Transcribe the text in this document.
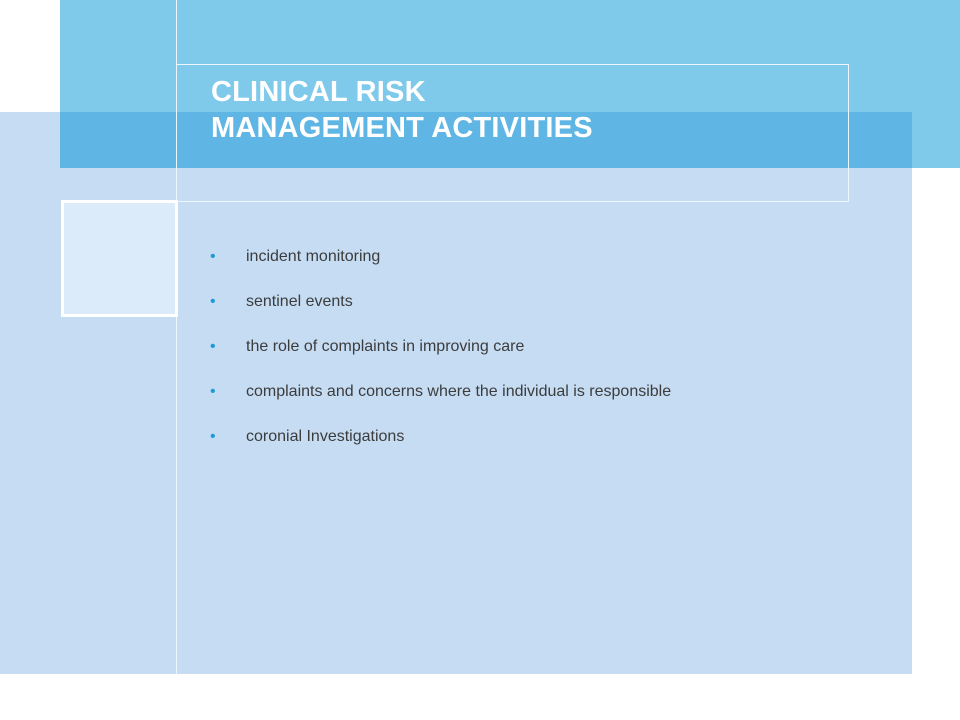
CLINICAL RISK
MANAGEMENT ACTIVITIES
• incident monitoring
• sentinel events
• the role of complaints in improving care
• complaints and concerns where the individual is responsible
• coronial Investigations
